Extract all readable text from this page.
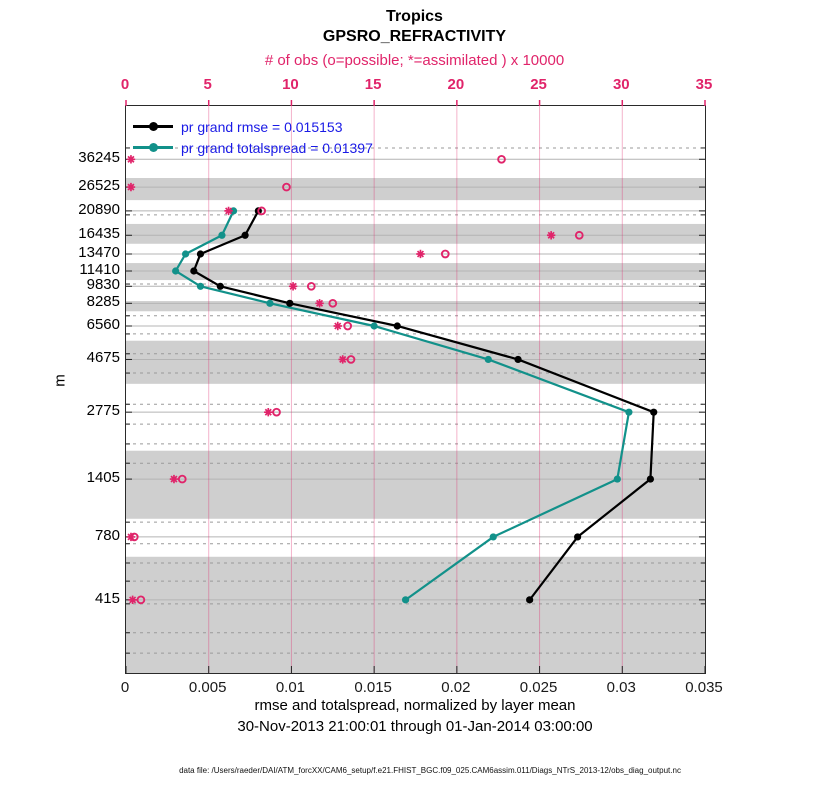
Tropics
GPSRO_REFRACTIVITY
# of obs (o=possible; *=assimilated ) x 10000
0	5	10	15	20	25	30	35
36245
26525
20890
16435
13470
11410
9830
8285
6560
4675
2775
1405
780
415
0	0.005	0.01	0.015	0.02	0.025	0.03	0.035
m
pr grand rmse = 0.015153
pr grand totalspread = 0.01397
rmse and totalspread, normalized by layer mean
30-Nov-2013 21:00:01 through 01-Jan-2014 03:00:00
data file: /Users/raeder/DAI/ATM_forcXX/CAM6_setup/f.e21.FHIST_BGC.f09_025.CAM6assim.011/Diags_NTrS_2013-12/obs_diag_output.nc
